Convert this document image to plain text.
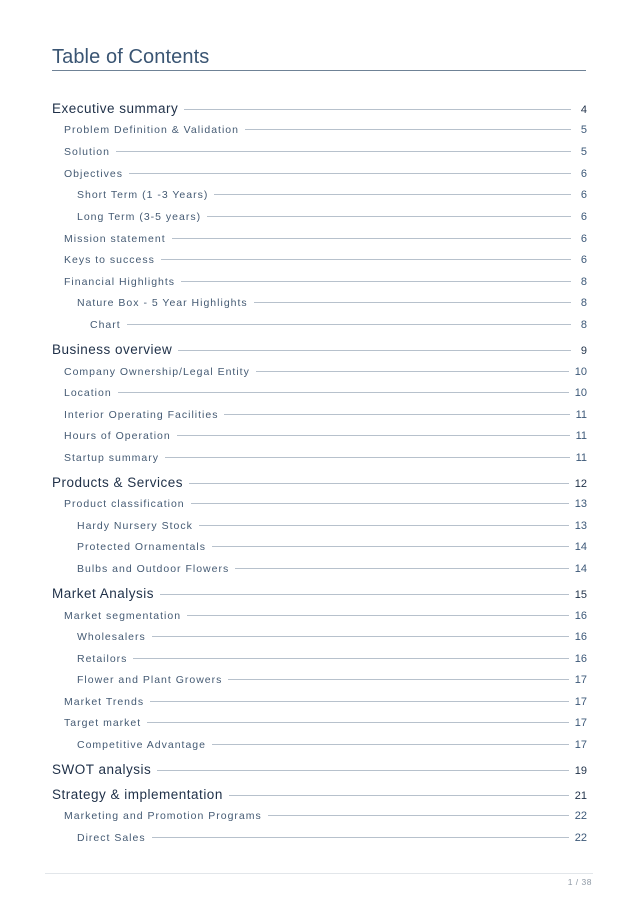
Table of Contents
Executive summary	4
Problem Definition & Validation	5
Solution	5
Objectives	6
Short Term (1 -3 Years)	6
Long Term (3-5 years)	6
Mission statement	6
Keys to success	6
Financial Highlights	8
Nature Box - 5 Year Highlights	8
Chart	8
Business overview	9
Company Ownership/Legal Entity	10
Location	10
Interior Operating Facilities	11
Hours of Operation	11
Startup summary	11
Products & Services	12
Product classification	13
Hardy Nursery Stock	13
Protected Ornamentals	14
Bulbs and Outdoor Flowers	14
Market Analysis	15
Market segmentation	16
Wholesalers	16
Retailors	16
Flower and Plant Growers	17
Market Trends	17
Target market	17
Competitive Advantage	17
SWOT analysis	19
Strategy & implementation	21
Marketing and Promotion Programs	22
Direct Sales	22
1 / 38
